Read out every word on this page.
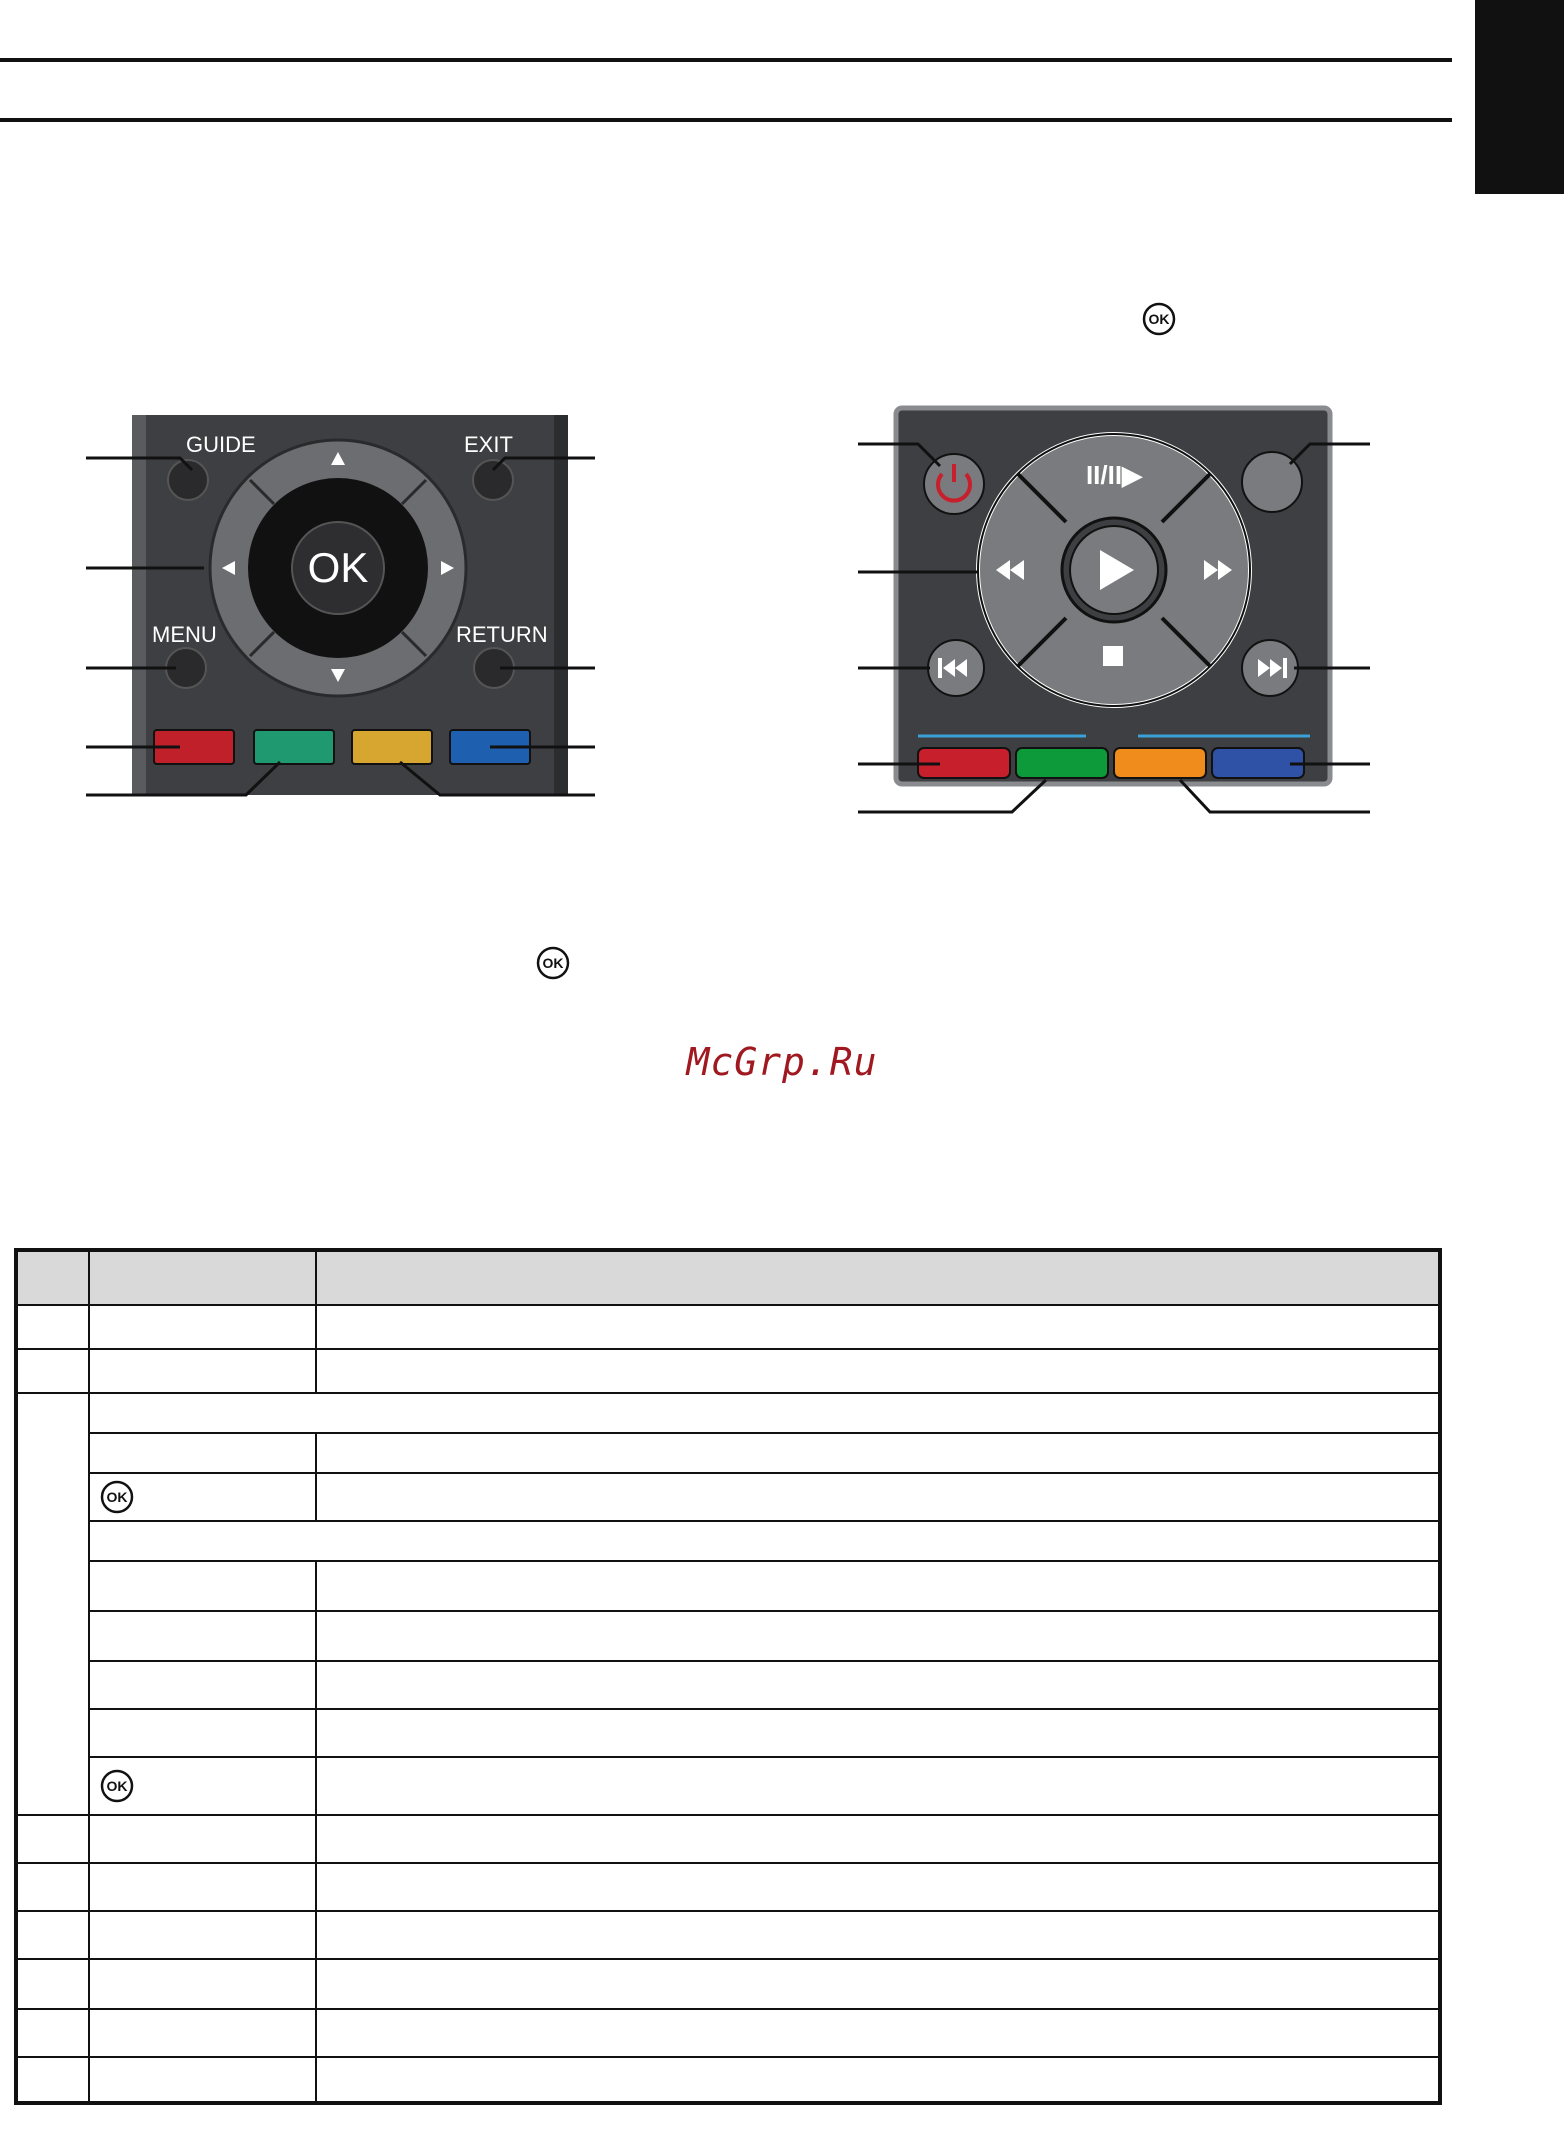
OK
OK
GUIDE	EXIT
MENU	RETURN
OK
II/II▶
McGrp.Ru

OK	

OK	
